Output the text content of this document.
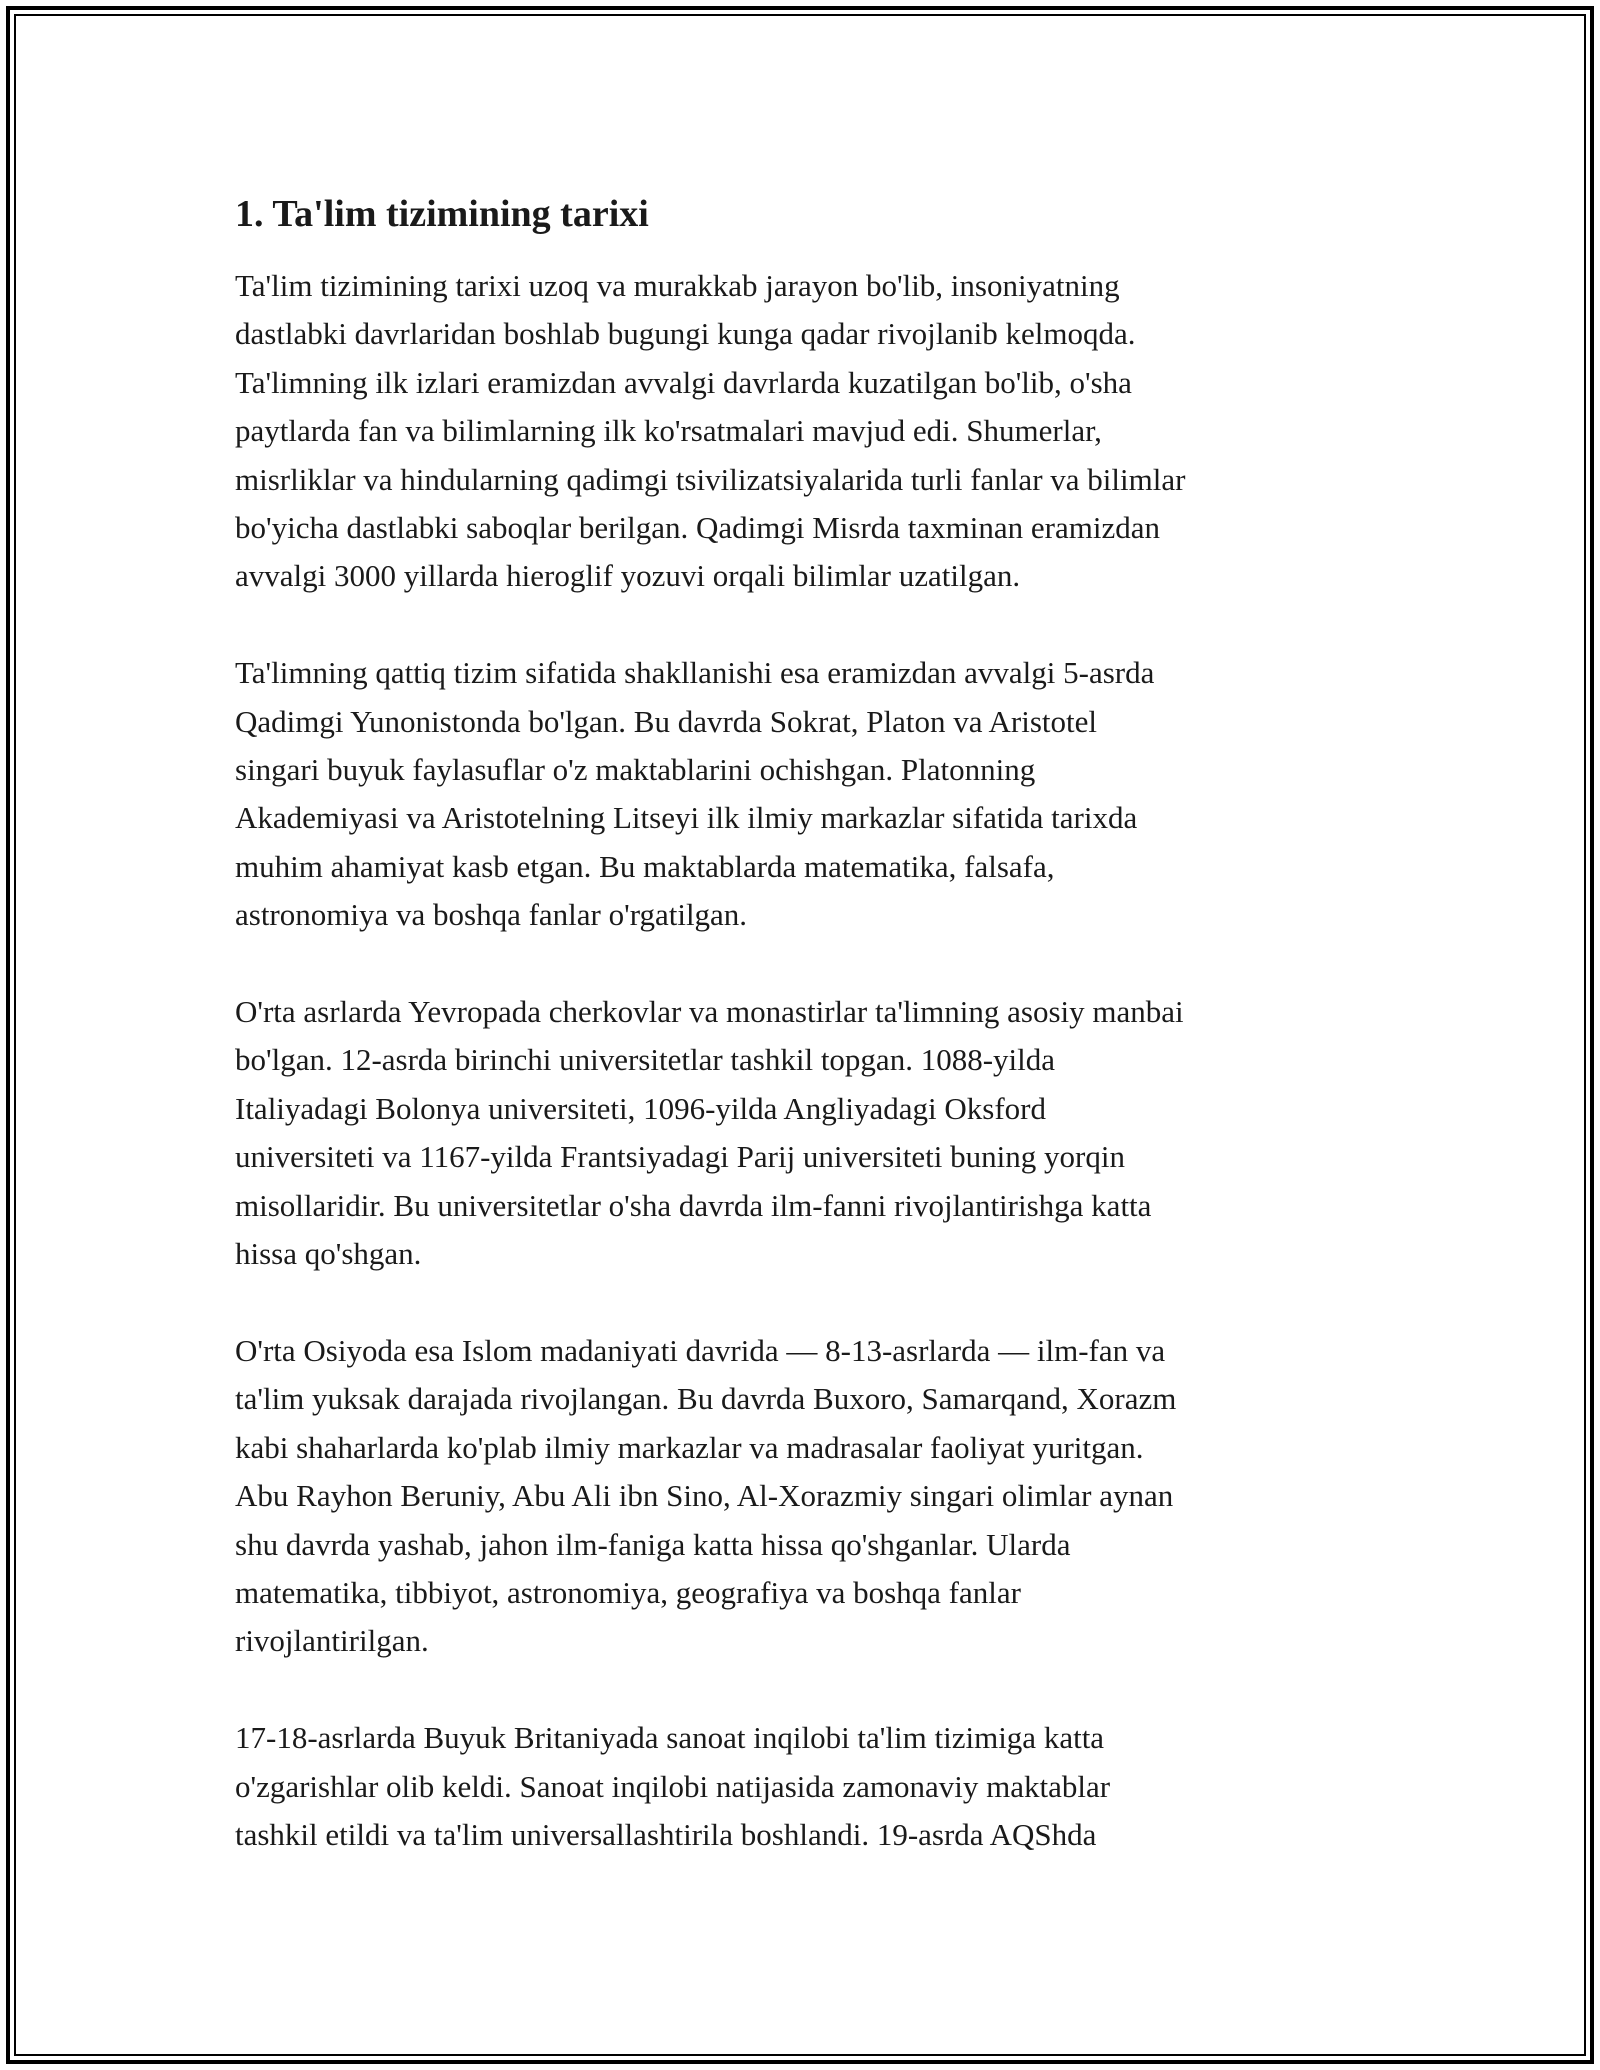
1. Ta'lim tizimining tarixi

Ta'lim tizimining tarixi uzoq va murakkab jarayon bo'lib, insoniyatning
dastlabki davrlaridan boshlab bugungi kunga qadar rivojlanib kelmoqda.
Ta'limning ilk izlari eramizdan avvalgi davrlarda kuzatilgan bo'lib, o'sha
paytlarda fan va bilimlarning ilk ko'rsatmalari mavjud edi. Shumerlar,
misrliklar va hindularning qadimgi tsivilizatsiyalarida turli fanlar va bilimlar
bo'yicha dastlabki saboqlar berilgan. Qadimgi Misrda taxminan eramizdan
avvalgi 3000 yillarda hieroglif yozuvi orqali bilimlar uzatilgan.

Ta'limning qattiq tizim sifatida shakllanishi esa eramizdan avvalgi 5-asrda
Qadimgi Yunonistonda bo'lgan. Bu davrda Sokrat, Platon va Aristotel
singari buyuk faylasuflar o'z maktablarini ochishgan. Platonning
Akademiyasi va Aristotelning Litseyi ilk ilmiy markazlar sifatida tarixda
muhim ahamiyat kasb etgan. Bu maktablarda matematika, falsafa,
astronomiya va boshqa fanlar o'rgatilgan.

O'rta asrlarda Yevropada cherkovlar va monastirlar ta'limning asosiy manbai
bo'lgan. 12-asrda birinchi universitetlar tashkil topgan. 1088-yilda
Italiyadagi Bolonya universiteti, 1096-yilda Angliyadagi Oksford
universiteti va 1167-yilda Frantsiyadagi Parij universiteti buning yorqin
misollaridir. Bu universitetlar o'sha davrda ilm-fanni rivojlantirishga katta
hissa qo'shgan.

O'rta Osiyoda esa Islom madaniyati davrida — 8-13-asrlarda — ilm-fan va
ta'lim yuksak darajada rivojlangan. Bu davrda Buxoro, Samarqand, Xorazm
kabi shaharlarda ko'plab ilmiy markazlar va madrasalar faoliyat yuritgan.
Abu Rayhon Beruniy, Abu Ali ibn Sino, Al-Xorazmiy singari olimlar aynan
shu davrda yashab, jahon ilm-faniga katta hissa qo'shganlar. Ularda
matematika, tibbiyot, astronomiya, geografiya va boshqa fanlar
rivojlantirilgan.

17-18-asrlarda Buyuk Britaniyada sanoat inqilobi ta'lim tizimiga katta
o'zgarishlar olib keldi. Sanoat inqilobi natijasida zamonaviy maktablar
tashkil etildi va ta'lim universallashtirila boshlandi. 19-asrda AQShda
